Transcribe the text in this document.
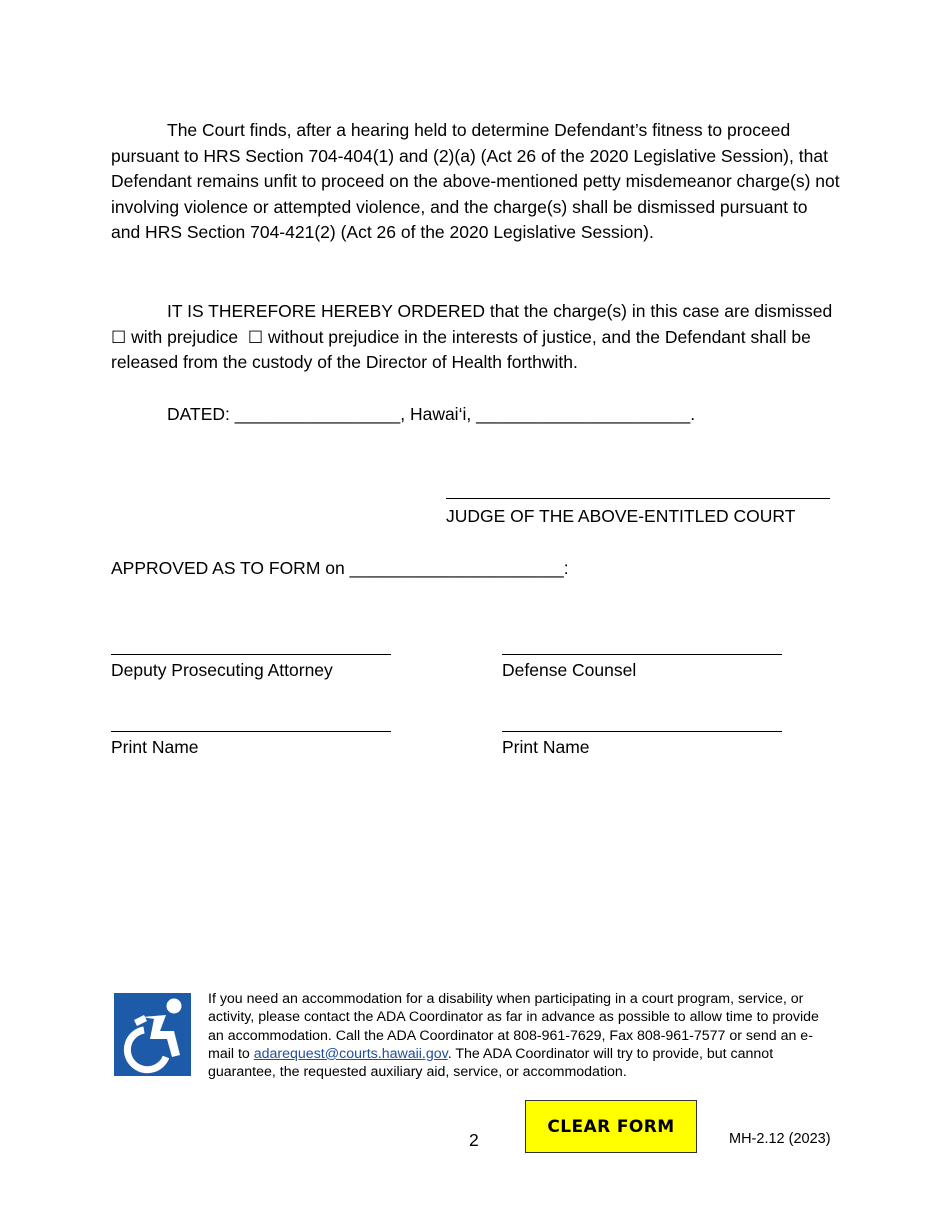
The Court finds, after a hearing held to determine Defendant’s fitness to proceed pursuant to HRS Section 704-404(1) and (2)(a) (Act 26 of the 2020 Legislative Session), that Defendant remains unfit to proceed on the above-mentioned petty misdemeanor charge(s) not involving violence or attempted violence, and the charge(s) shall be dismissed pursuant to and HRS Section 704-421(2) (Act 26 of the 2020 Legislative Session).

IT IS THEREFORE HEREBY ORDERED that the charge(s) in this case are dismissed ☐ with prejudice ☐ without prejudice in the interests of justice, and the Defendant shall be released from the custody of the Director of Health forthwith.

DATED: _________________, Hawai‘i, ______________________.
JUDGE OF THE ABOVE-ENTITLED COURT
APPROVED AS TO FORM on ______________________:
Deputy Prosecuting Attorney	Defense Counsel
Print Name	Print Name
If you need an accommodation for a disability when participating in a court program, service, or activity, please contact the ADA Coordinator as far in advance as possible to allow time to provide an accommodation. Call the ADA Coordinator at 808-961-7629, Fax 808-961-7577 or send an e-mail to adarequest@courts.hawaii.gov. The ADA Coordinator will try to provide, but cannot guarantee, the requested auxiliary aid, service, or accommodation.
2
CLEAR FORM
MH-2.12 (2023)
